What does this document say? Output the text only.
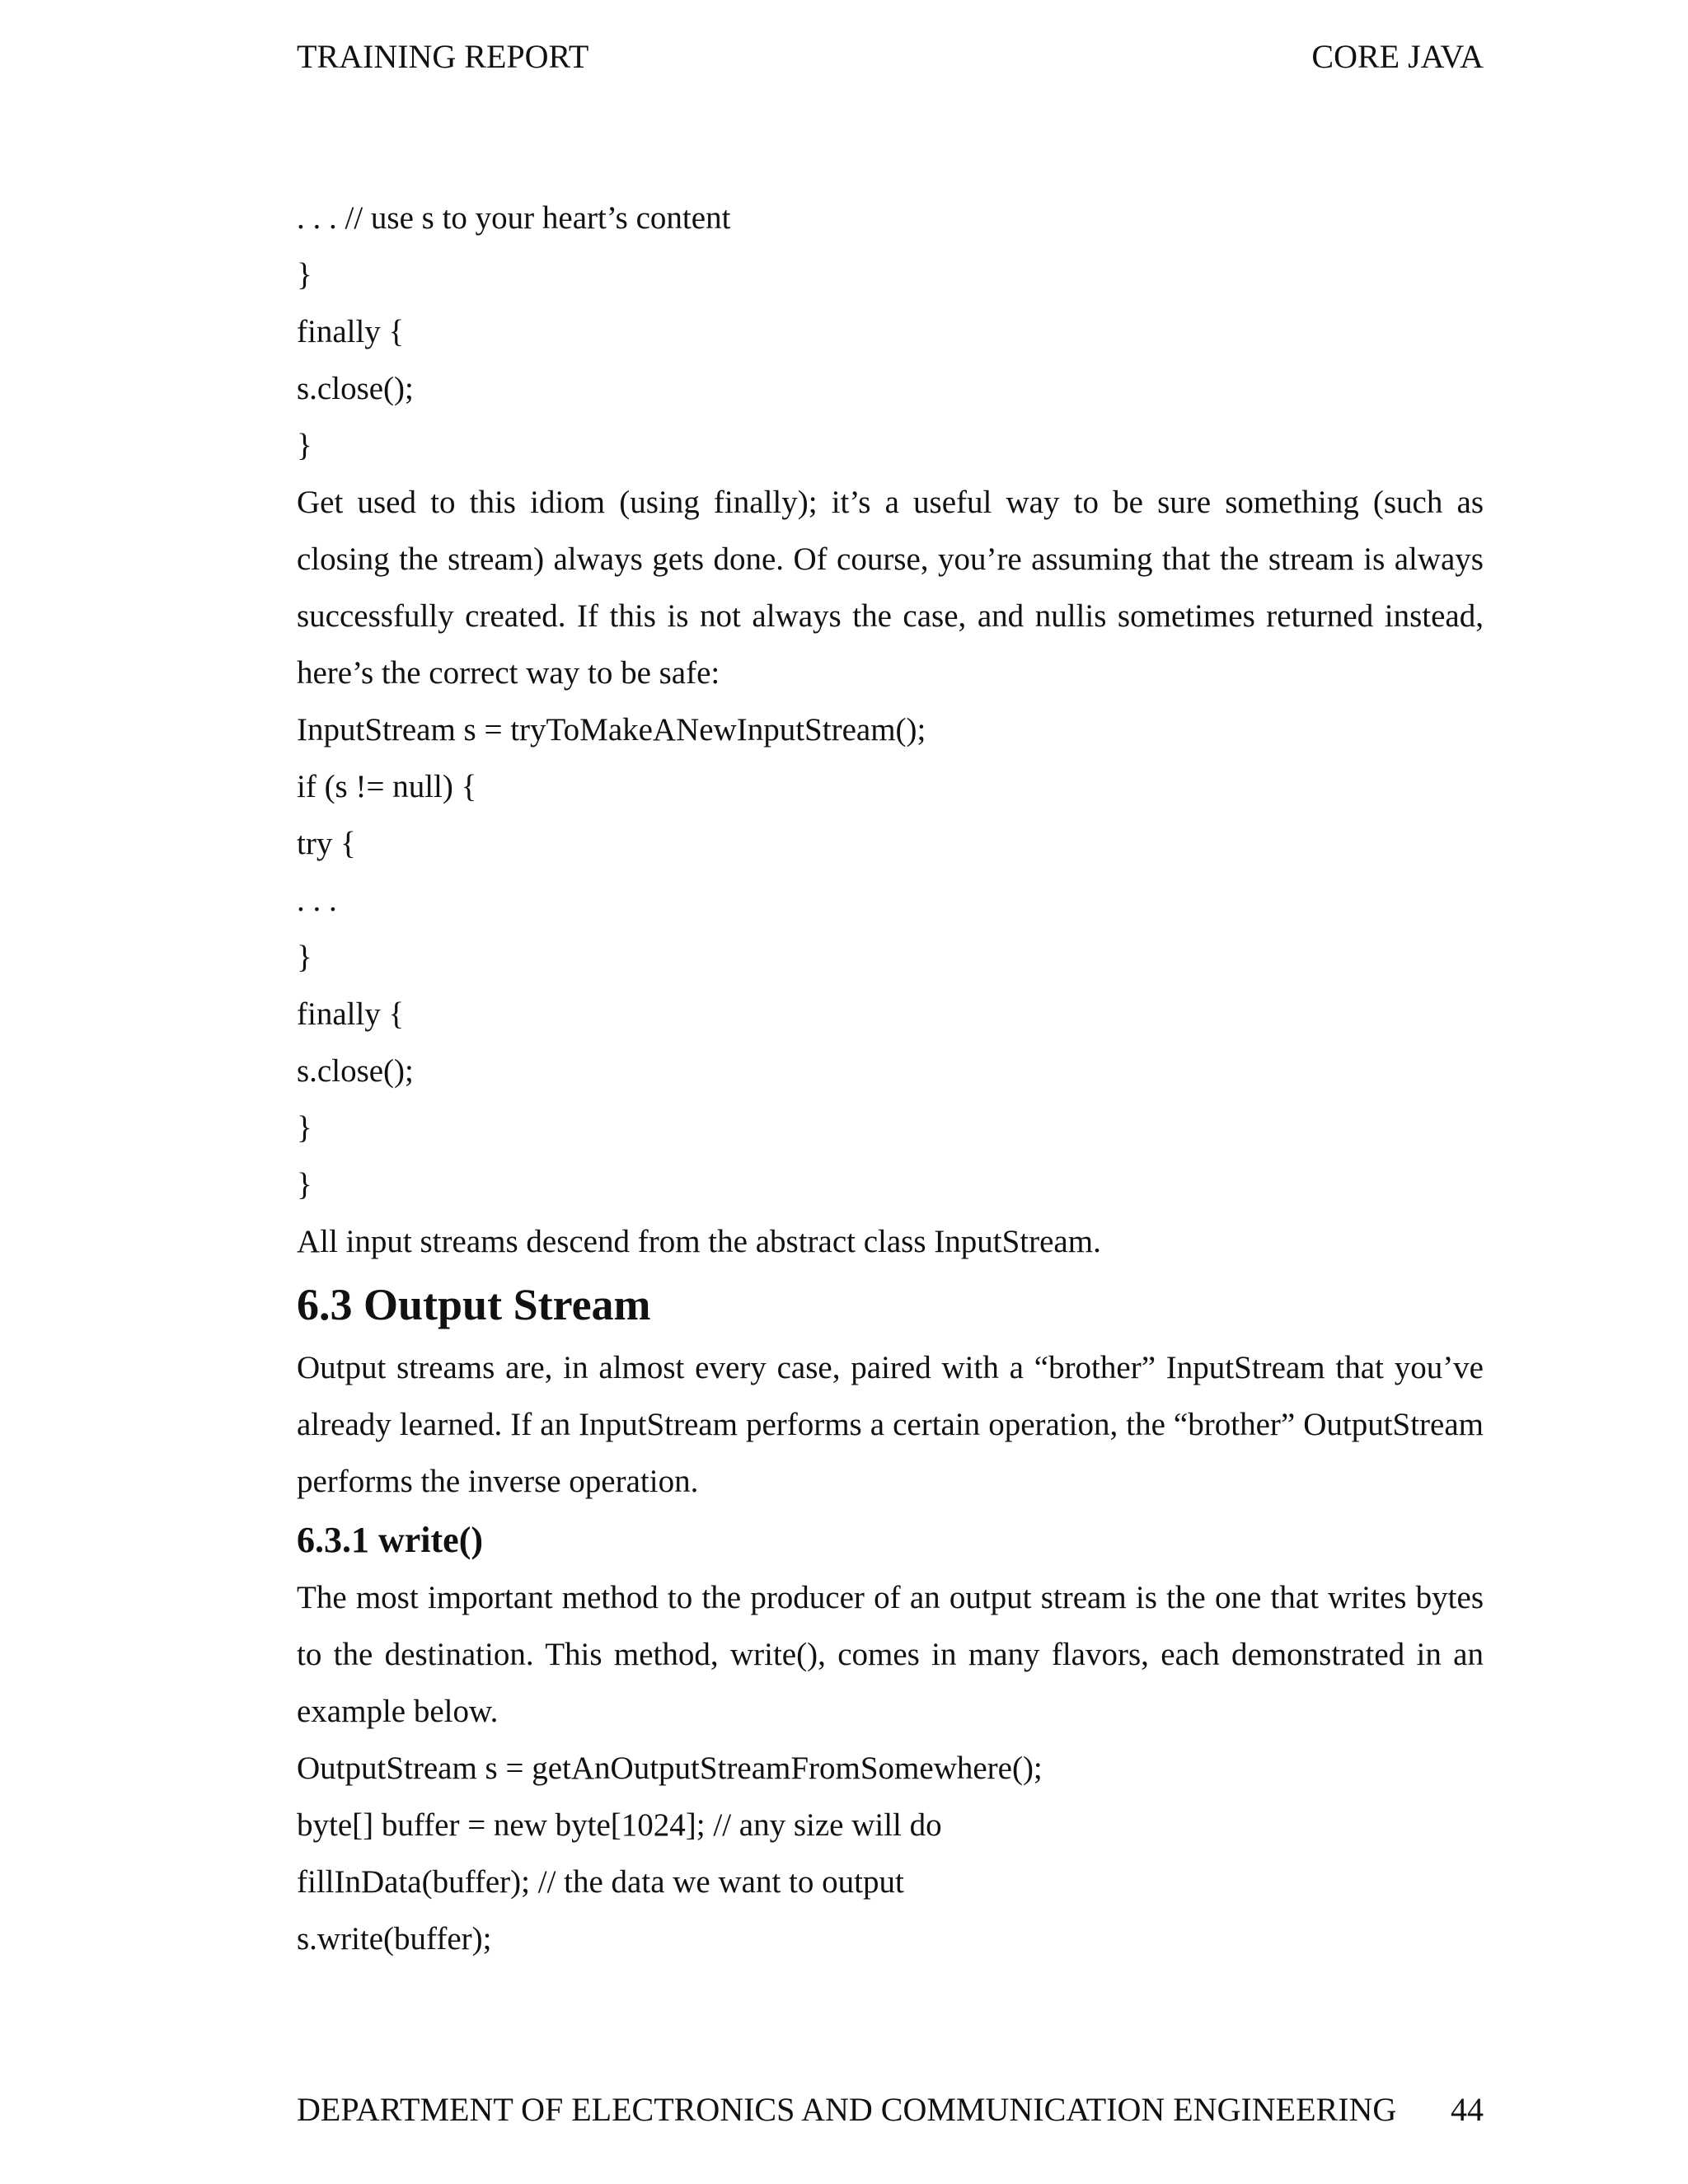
TRAINING REPORT	CORE JAVA
. . . // use s to your heart’s content
}
finally {
s.close();
}

Get used to this idiom (using finally); it’s a useful way to be sure something (such as closing the stream) always gets done. Of course, you’re assuming that the stream is always successfully created. If this is not always the case, and nullis sometimes returned instead, here’s the correct way to be safe:

InputStream s = tryToMakeANewInputStream();
if (s != null) {
try {
. . .
}
finally {
s.close();
}
}

All input streams descend from the abstract class InputStream.

6.3 Output Stream

Output streams are, in almost every case, paired with a “brother” InputStream that you’ve already learned. If an InputStream performs a certain operation, the “brother” OutputStream performs the inverse operation.

6.3.1 write()

The most important method to the producer of an output stream is the one that writes bytes to the destination. This method, write(), comes in many flavors, each demonstrated in an example below.

OutputStream s = getAnOutputStreamFromSomewhere();
byte[] buffer = new byte[1024]; // any size will do
fillInData(buffer); // the data we want to output
s.write(buffer);
DEPARTMENT OF ELECTRONICS AND COMMUNICATION ENGINEERING 44
